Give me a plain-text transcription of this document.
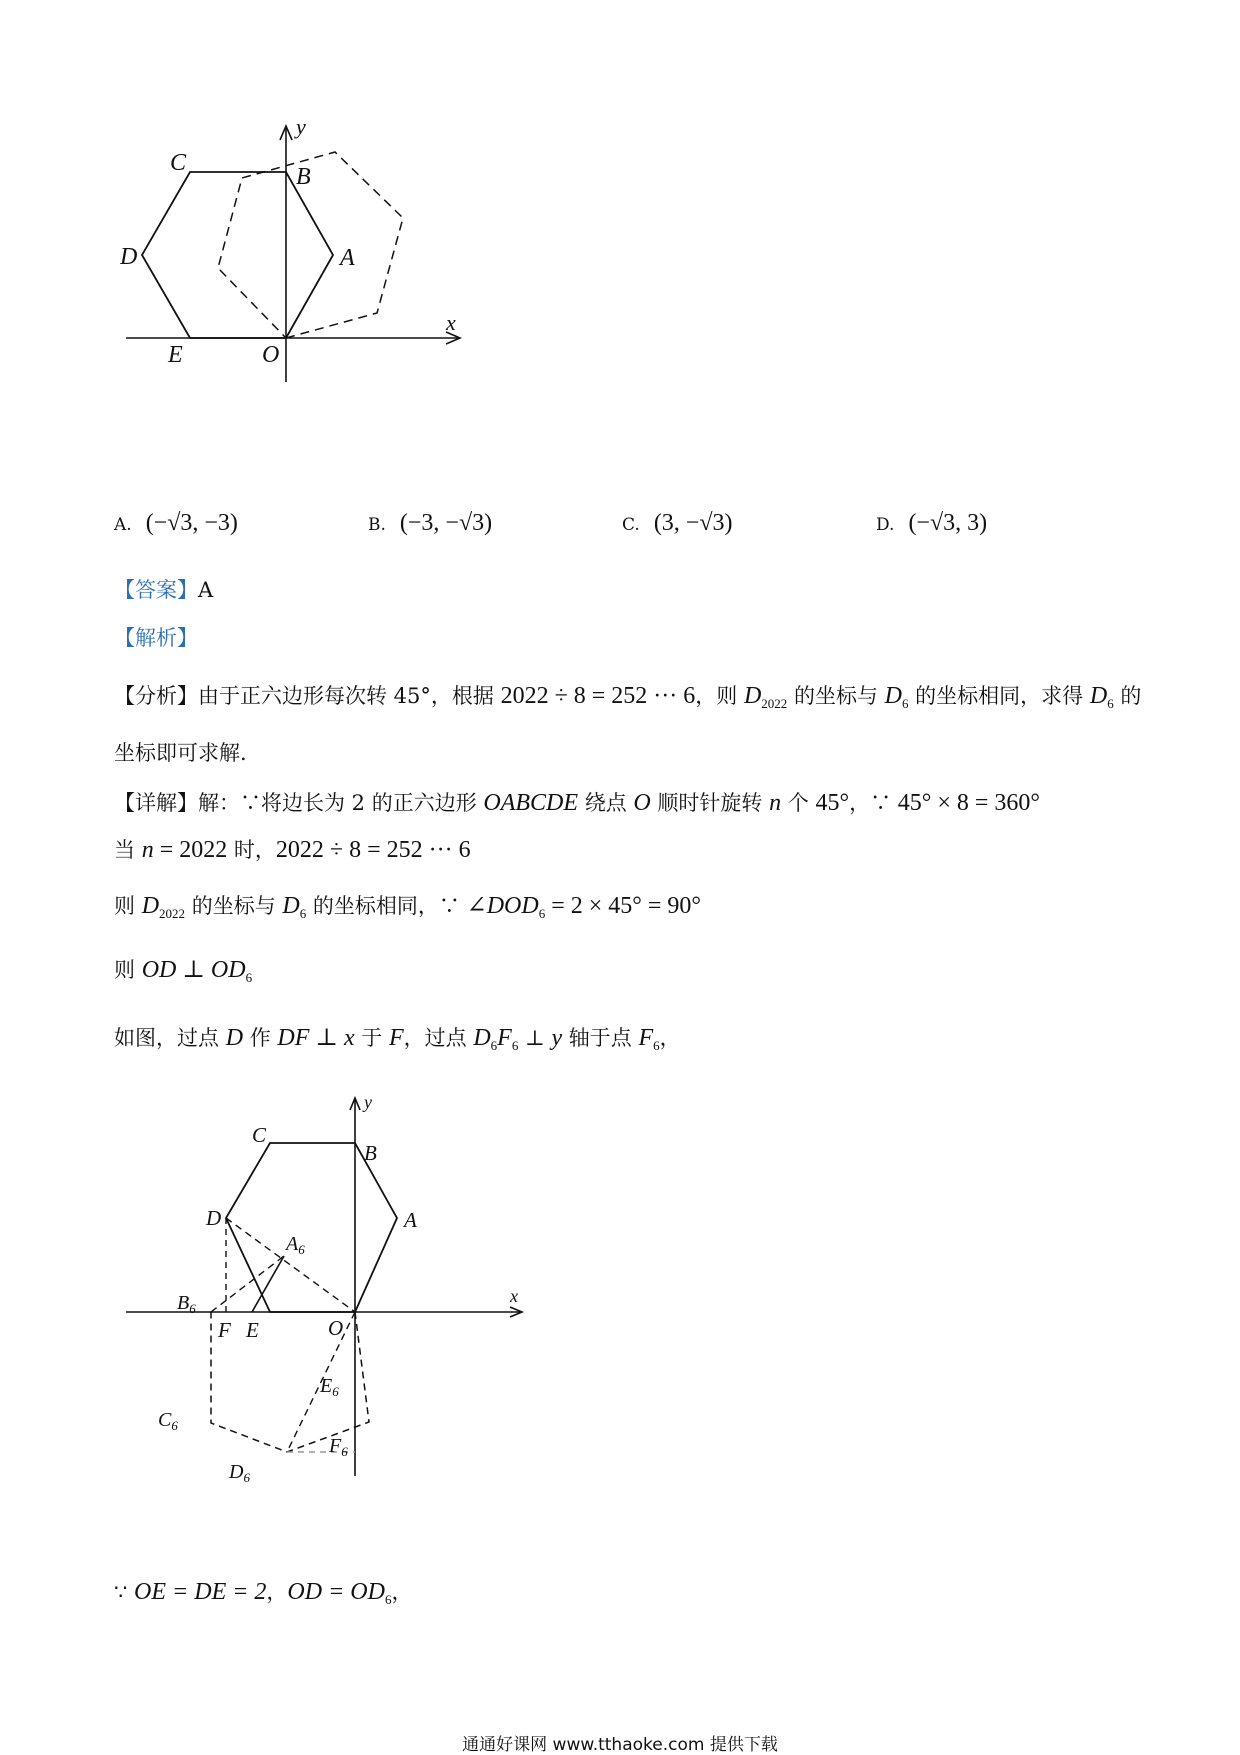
C
B
D	A
E	O
x
y
A. (−√3, −3)	B. (−3, −√3)	C. (3, −√3)	D. (−√3, 3)
【答案】A
【解析】
【分析】由于正六边形每次转 45°，根据 2022 ÷ 8 = 252 ··· 6，则 $D_{2022}$ 的坐标与 $D_6$ 的坐标相同，求得 $D_6$ 的
坐标即可求解.
【详解】解：∵将边长为 2 的正六边形 OABCDE 绕点 O 顺时针旋转 n 个 45°，∵ 45° × 8 = 360°
当 n = 2022 时，2022 ÷ 8 = 252 ··· 6
则 $D_{2022}$ 的坐标与 $D_6$ 的坐标相同，∵ $\angle DOD_6 = 2 \times 45^\circ = 90^\circ$
则 OD ⊥ $OD_6$
如图，过点 D 作 DF ⊥ x 于 F，过点 $D_6F_6$ ⊥ y 轴于点 $F_6$，
C
B
D	A
$A_6$
$B_6$
F E	O
x
y
$E_6$
$C_6$
$D_6$
$F_6$
∵ OE = DE = 2，OD = $OD_6$，
通通好课网 www.tthaoke.com 提供下载
